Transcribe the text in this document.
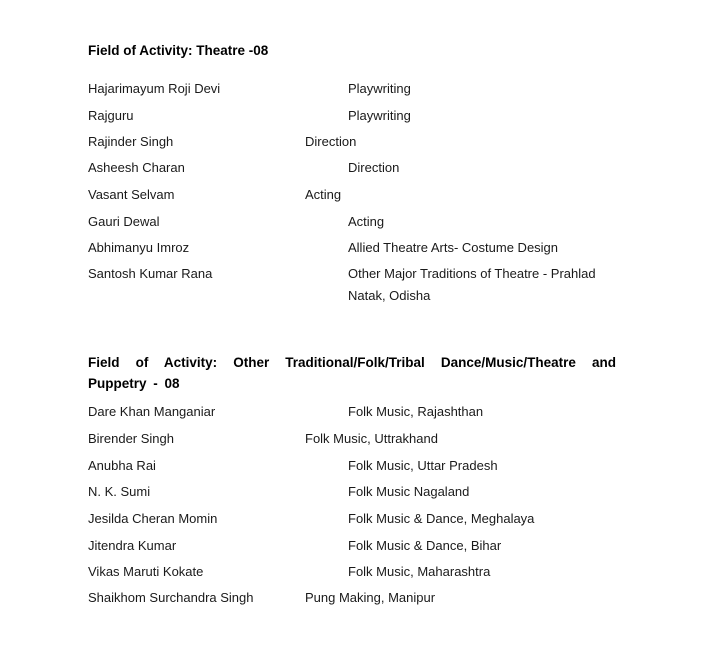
Field of Activity: Theatre -08
Hajarimayum Roji Devi	Playwriting
Rajguru	Playwriting
Rajinder Singh	Direction
Asheesh Charan	Direction
Vasant Selvam	Acting
Gauri Dewal	Acting
Abhimanyu Imroz	Allied Theatre Arts- Costume Design
Santosh Kumar Rana	Other Major Traditions of Theatre - Prahlad Natak, Odisha
Field of Activity: Other Traditional/Folk/Tribal Dance/Music/Theatre and Puppetry - 08
Dare Khan Manganiar	Folk Music, Rajashthan
Birender Singh	Folk Music, Uttrakhand
Anubha Rai	Folk Music, Uttar Pradesh
N. K. Sumi	Folk Music Nagaland
Jesilda Cheran Momin	Folk Music & Dance, Meghalaya
Jitendra Kumar	Folk Music & Dance, Bihar
Vikas Maruti Kokate	Folk Music, Maharashtra
Shaikhom Surchandra Singh	Pung Making, Manipur
